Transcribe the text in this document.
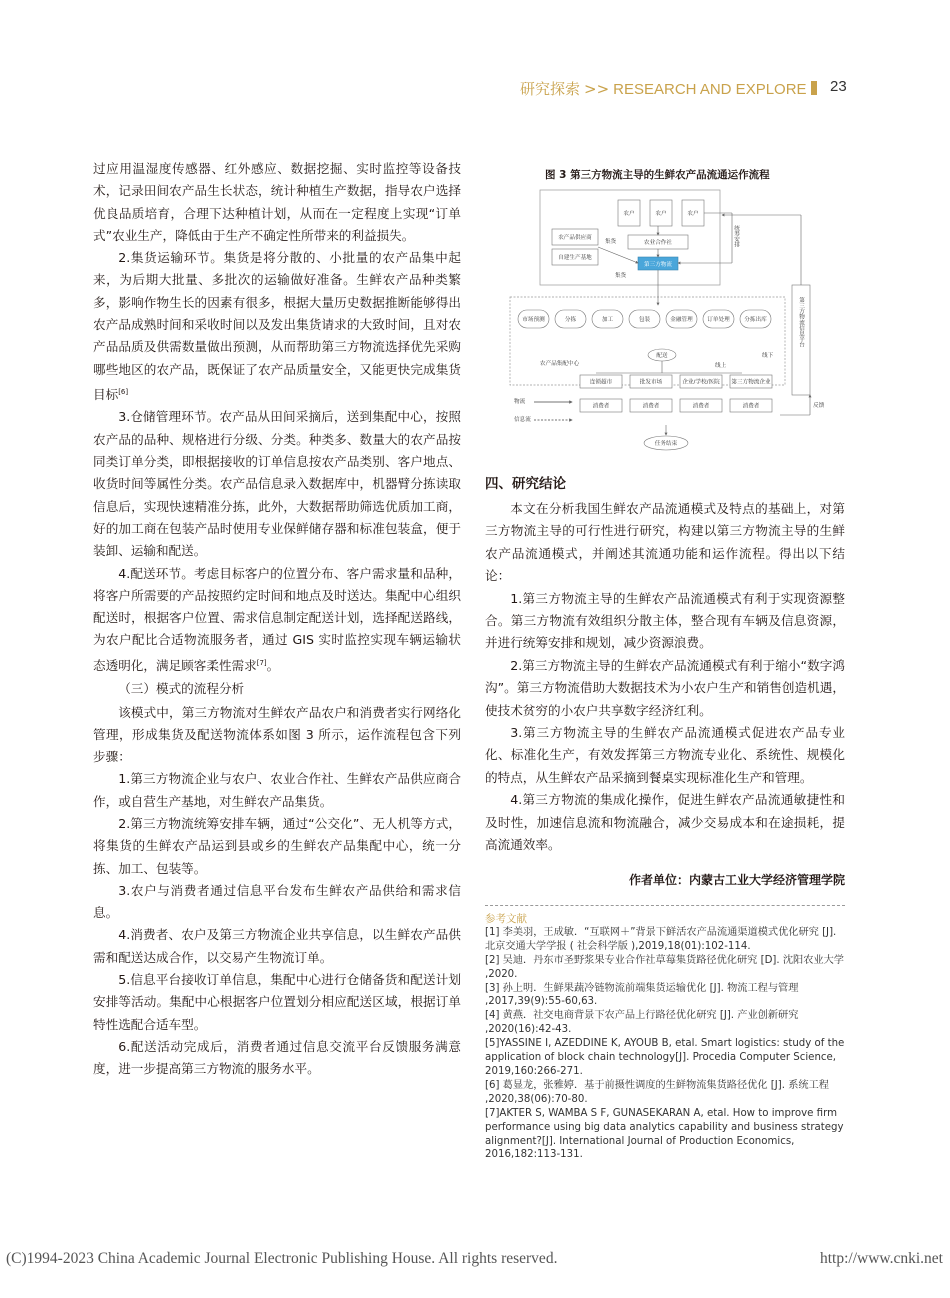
研究探索 >> RESEARCH AND EXPLORE 23

过应用温湿度传感器、红外感应、数据挖掘、实时监控等设备技术，记录田间农产品生长状态，统计种植生产数据，指导农户选择优良品质培育，合理下达种植计划，从而在一定程度上实现“订单式”农业生产，降低由于生产不确定性所带来的利益损失。

2.集货运输环节。集货是将分散的、小批量的农产品集中起来，为后期大批量、多批次的运输做好准备。生鲜农产品种类繁多，影响作物生长的因素有很多，根据大量历史数据推断能够得出农产品成熟时间和采收时间以及发出集货请求的大致时间，且对农产品品质及供需数量做出预测，从而帮助第三方物流选择优先采购哪些地区的农产品，既保证了农产品质量安全，又能更快完成集货目标[6]

3.仓储管理环节。农产品从田间采摘后，送到集配中心，按照农产品的品种、规格进行分级、分类。种类多、数量大的农产品按同类订单分类，即根据接收的订单信息按农产品类别、客户地点、收货时间等属性分类。农产品信息录入数据库中，机器臂分拣读取信息后，实现快速精准分拣，此外，大数据帮助筛选优质加工商，好的加工商在包装产品时使用专业保鲜储存器和标准包装盒，便于装卸、运输和配送。

4.配送环节。考虑目标客户的位置分布、客户需求量和品种，将客户所需要的产品按照约定时间和地点及时送达。集配中心组织配送时，根据客户位置、需求信息制定配送计划，选择配送路线，为农户配比合适物流服务者，通过 GIS 实时监控实现车辆运输状态透明化，满足顾客柔性需求[7]。

（三）模式的流程分析

该模式中，第三方物流对生鲜农产品农户和消费者实行网络化管理，形成集货及配送物流体系如图 3 所示，运作流程包含下列步骤：

1.第三方物流企业与农户、农业合作社、生鲜农产品供应商合作，或自营生产基地，对生鲜农产品集货。

2.第三方物流统筹安排车辆，通过“公交化”、无人机等方式，将集货的生鲜农产品运到县或乡的生鲜农产品集配中心，统一分拣、加工、包装等。

3.农户与消费者通过信息平台发布生鲜农产品供给和需求信息。

4.消费者、农户及第三方物流企业共享信息，以生鲜农产品供需和配送达成合作，以交易产生物流订单。

5.信息平台接收订单信息，集配中心进行仓储备货和配送计划安排等活动。集配中心根据客户位置划分相应配送区域，根据订单特性选配合适车型。

6.配送活动完成后，消费者通过信息交流平台反馈服务满意度，进一步提高第三方物流的服务水平。

图 3 第三方物流主导的生鲜农产品流通运作流程
农户	农户	农户
农产品供应商
自建生产基地
农业合作社
集货
第三方物流
集货
统筹安排
第三方物流信息平台
农产品集配中心
市场预测	分拣	加工	包装	金融管理	订单处理	分拣出库
配送
线上
线下
连锁超市	批发市场	企业/学校/医院 第三方物流企业
消费者	消费者	消费者	消费者
物流
信息流
反馈
任务结束
四、研究结论

本文在分析我国生鲜农产品流通模式及特点的基础上，对第三方物流主导的可行性进行研究，构建以第三方物流主导的生鲜农产品流通模式，并阐述其流通功能和运作流程。得出以下结论：

1.第三方物流主导的生鲜农产品流通模式有利于实现资源整合。第三方物流有效组织分散主体，整合现有车辆及信息资源，并进行统筹安排和规划，减少资源浪费。

2.第三方物流主导的生鲜农产品流通模式有利于缩小“数字鸿沟”。第三方物流借助大数据技术为小农户生产和销售创造机遇，使技术贫穷的小农户共享数字经济红利。

3.第三方物流主导的生鲜农产品流通模式促进农产品专业化、标准化生产，有效发挥第三方物流专业化、系统性、规模化的特点，从生鲜农产品采摘到餐桌实现标准化生产和管理。

4.第三方物流的集成化操作，促进生鲜农产品流通敏捷性和及时性，加速信息流和物流融合，减少交易成本和在途损耗，提高流通效率。

作者单位：内蒙古工业大学经济管理学院

参考文献

[1] 李美羽，王成敏．“互联网＋”背景下鲜活农产品流通渠道模式优化研究 [J]. 北京交通大学学报 ( 社会科学版 ),2019,18(01):102-114.
[2] 吴迪．丹东市圣野浆果专业合作社草莓集货路径优化研究 [D]. 沈阳农业大学 ,2020.
[3] 孙上明．生鲜果蔬冷链物流前端集货运输优化 [J]. 物流工程与管理 ,2017,39(9):55-60,63.
[4] 黄燕．社交电商背景下农产品上行路径优化研究 [J]. 产业创新研究 ,2020(16):42-43.
[5]YASSINE I, AZEDDINE K, AYOUB B, etal. Smart logistics: study of the application of block chain technology[J]. Procedia Computer Science, 2019,160:266-271.
[6] 葛显龙，张雅婷．基于前摄性调度的生鲜物流集货路径优化 [J]. 系统工程 ,2020,38(06):70-80.
[7]AKTER S, WAMBA S F, GUNASEKARAN A, etal. How to improve firm performance using big data analytics capability and business strategy alignment?[J]. International Journal of Production Economics, 2016,182:113-131.
(C)1994-2023 China Academic Journal Electronic Publishing House. All rights reserved.	http://www.cnki.net
